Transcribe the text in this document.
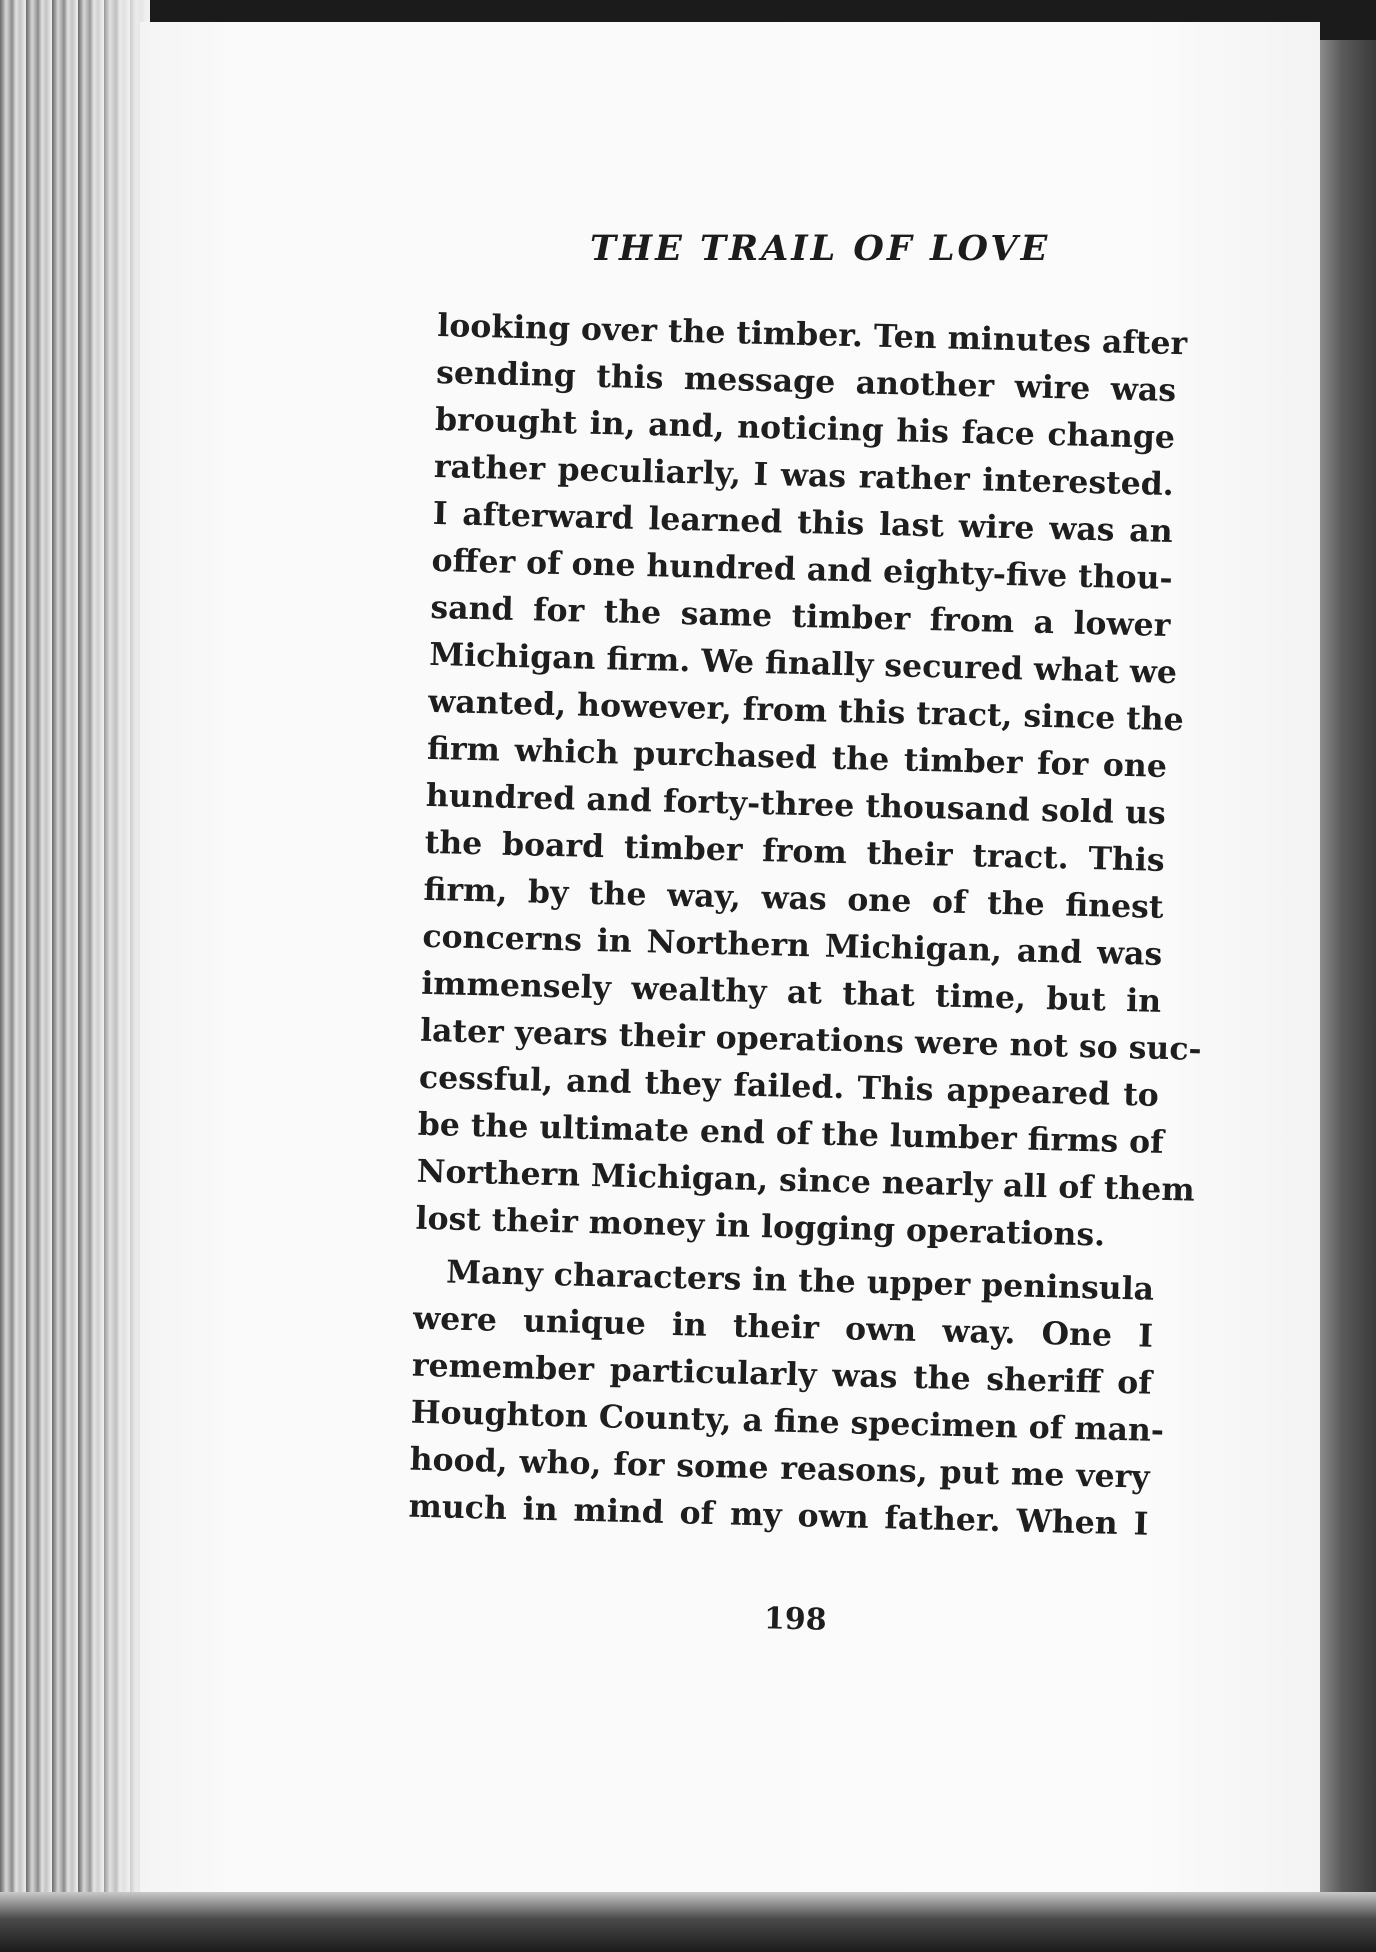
THE TRAIL OF LOVE

looking over the timber. Ten minutes after
sending this message another wire was
brought in, and, noticing his face change
rather peculiarly, I was rather interested.
I afterward learned this last wire was an
offer of one hundred and eighty-five thou-
sand for the same timber from a lower
Michigan firm. We finally secured what we
wanted, however, from this tract, since the
firm which purchased the timber for one
hundred and forty-three thousand sold us
the board timber from their tract. This
firm, by the way, was one of the finest
concerns in Northern Michigan, and was
immensely wealthy at that time, but in
later years their operations were not so suc-
cessful, and they failed. This appeared to
be the ultimate end of the lumber firms of
Northern Michigan, since nearly all of them
lost their money in logging operations.
Many characters in the upper peninsula
were unique in their own way. One I
remember particularly was the sheriff of
Houghton County, a fine specimen of man-
hood, who, for some reasons, put me very
much in mind of my own father. When I

198
